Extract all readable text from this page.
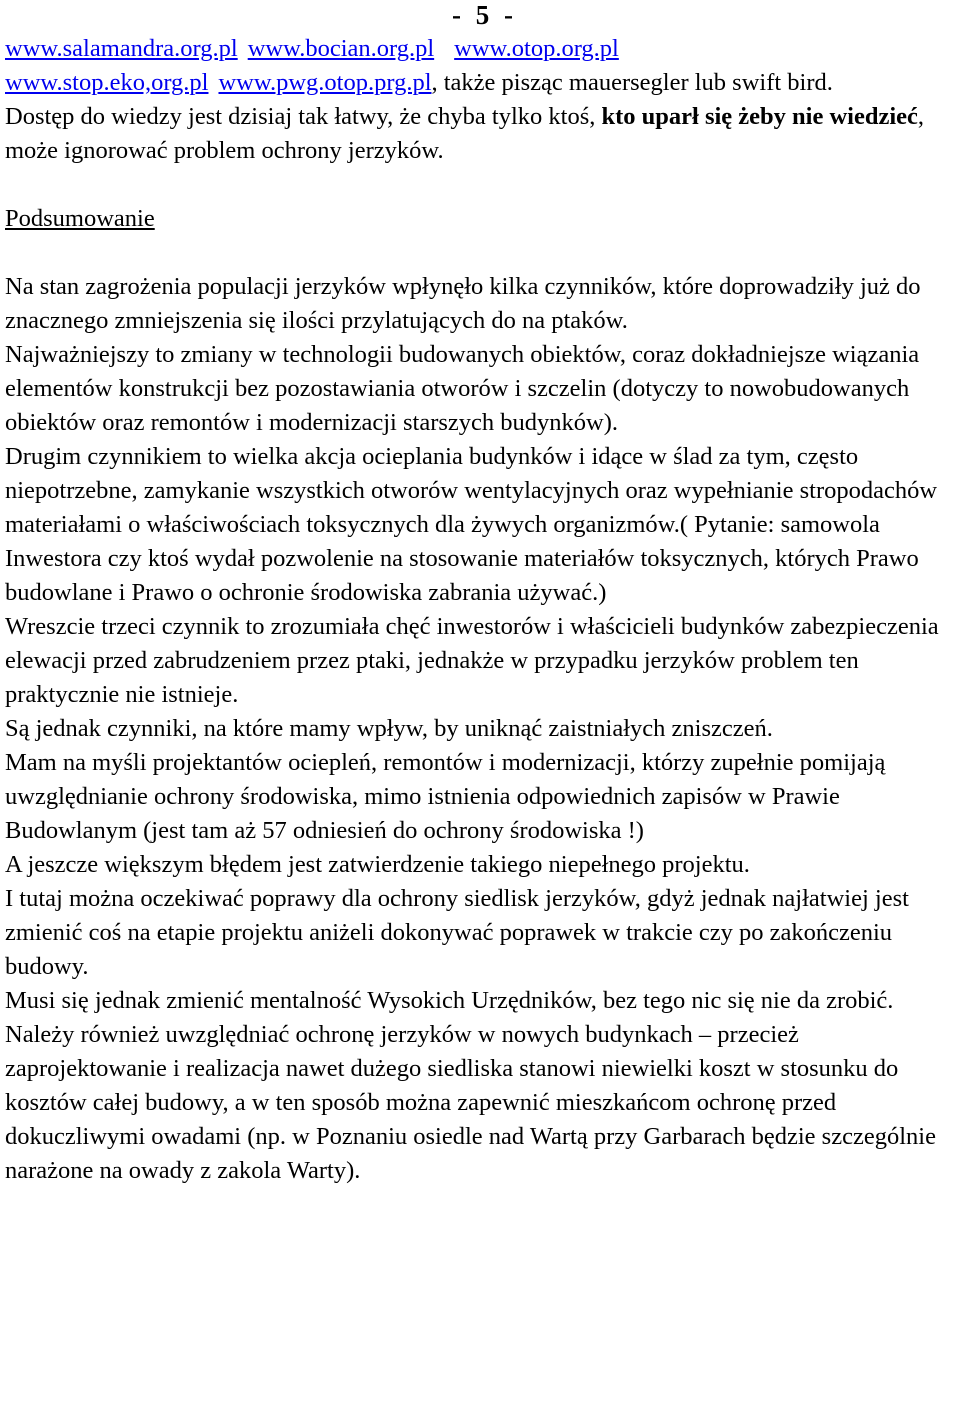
- 5 -

www.salamandra.org.pl www.bocian.org.pl www.otop.org.pl
www.stop.eko,org.pl www.pwg.otop.prg.pl, także pisząc mauersegler lub swift bird.

Dostęp do wiedzy jest dzisiaj tak łatwy, że chyba tylko ktoś, kto uparł się żeby nie wiedzieć, może ignorować problem ochrony jerzyków.

Podsumowanie

Na stan zagrożenia populacji jerzyków wpłynęło kilka czynników, które doprowadziły już do znacznego zmniejszenia się ilości przylatujących do na ptaków.

Najważniejszy to zmiany w technologii budowanych obiektów, coraz dokładniejsze wiązania elementów konstrukcji bez pozostawiania otworów i szczelin (dotyczy to nowobudowanych obiektów oraz remontów i modernizacji starszych budynków).

Drugim czynnikiem to wielka akcja ocieplania budynków i idące w ślad za tym, często niepotrzebne, zamykanie wszystkich otworów wentylacyjnych oraz wypełnianie stropodachów materiałami o właściwościach toksycznych dla żywych organizmów.( Pytanie: samowola Inwestora czy ktoś wydał pozwolenie na stosowanie materiałów toksycznych, których Prawo budowlane i Prawo o ochronie środowiska zabrania używać.)

Wreszcie trzeci czynnik to zrozumiała chęć inwestorów i właścicieli budynków zabezpieczenia elewacji przed zabrudzeniem przez ptaki, jednakże w przypadku jerzyków problem ten praktycznie nie istnieje.

Są jednak czynniki, na które mamy wpływ, by uniknąć zaistniałych zniszczeń.

Mam na myśli projektantów ociepleń, remontów i modernizacji, którzy zupełnie pomijają uwzględnianie ochrony środowiska, mimo istnienia odpowiednich zapisów w Prawie Budowlanym (jest tam aż 57 odniesień do ochrony środowiska !)

A jeszcze większym błędem jest zatwierdzenie takiego niepełnego projektu.

I tutaj można oczekiwać poprawy dla ochrony siedlisk jerzyków, gdyż jednak najłatwiej jest zmienić coś na etapie projektu aniżeli dokonywać poprawek w trakcie czy po zakończeniu budowy.

Musi się jednak zmienić mentalność Wysokich Urzędników, bez tego nic się nie da zrobić.

Należy również uwzględniać ochronę jerzyków w nowych budynkach – przecież zaprojektowanie i realizacja nawet dużego siedliska stanowi niewielki koszt w stosunku do kosztów całej budowy, a w ten sposób można zapewnić mieszkańcom ochronę przed dokuczliwymi owadami (np. w Poznaniu osiedle nad Wartą przy Garbarach będzie szczególnie narażone na owady z zakola Warty).
